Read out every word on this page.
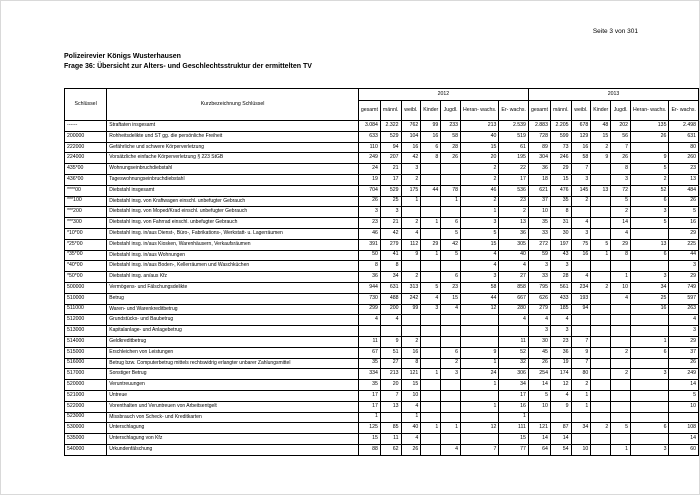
Seite 3 von 301
Polizeirevier Königs Wusterhausen
Frage 36: Übersicht zur Alters- und Geschlechtsstruktur der ermittelten TV
Schlüssel	Kurzbezeichnung Schlüssel	2012							2013						
		gesamt	männl.	weibl.	Kinder	Jugdl.	Heran- wachs.	Er- wachs.	gesamt	männl.	weibl.	Kinder	Jugdl.	Heran- wachs.	Er- wachs.
------	Straftaten insgesamt	3.084	2.322	762	99	233	213	2.539	2.883	2.205	678	48	202	135	2.498
200000	Rohheitsdelikte und ST gg. die persönliche Freiheit	633	529	104	16	58	40	519	728	599	129	15	56	26	631
222000	Gefährliche und schwere Körperverletzung	110	94	16	6	28	15	61	89	73	16	2	7		80
224000	Vorsätzliche einfache Körperverletzung § 223 StGB	249	207	42	8	26	20	195	304	246	58	9	26	9	260
435*00	Wohnungseinbruchdiebstahl	24	21	3			2	22	36	29	7		8	5	23
436*00	Tageswohnungseinbruchdiebstahl	19	17	2			2	17	18	15	3		3	2	13
****00	Diebstahl insgesamt	704	529	175	44	78	46	536	621	476	145	13	72	52	484
***100	Diebstahl insg. von Kraftwagen einschl. unbefugter Gebrauch	26	25	1		1	2	23	37	35	2		5	6	26
***200	Diebstahl insg. von Moped/Krad einschl. unbefugter Gebrauch	3	3				1	2	10	8			2	3	5
***300	Diebstahl insg. von Fahrrad einschl. unbefugter Gebrauch	23	21	2	1	6	3	13	35	31	4		14	5	16
*10*00	Diebstahl insg. in/aus Dienst-, Büro-, Fabrikations-, Werkstatt- u. Lagerräumen	46	42	4		5	5	36	33	30	3		4		29
*25*00	Diebstahl insg. in/aus Kiosken, Warenhäusern, Verkaufsräumen	391	279	112	29	42	15	305	272	197	75	5	29	13	225
*35*00	Diebstahl insg. in/aus Wohnungen	50	41	9	1	5	4	40	59	43	16	1	8	6	44
*40*00	Diebstahl insg. in/aus Boden-, Kellerräumen und Waschküchen	8	8				4	4	3	3					3
*50*00	Diebstahl insg. an/aus Kfz	36	34	2		6	3	27	33	28	4		1	3	29
500000	Vermögens- und Fälschungsdelikte	944	631	313	5	23	58	858	795	561	234	2	10	34	749
510000	Betrug	730	488	242	4	15	44	667	626	433	193		4	25	597
511000	Waren- und Warenkreditbetrug	299	200	99	3	4	12	280	279	185	94			16	263
512000	Grundstücks- und Baubetrug	4	4					4	4	4					4
513000	Kapitalanlage- und Anlagebetrug								3	3					3
514000	Geldkreditbetrug	11	9	2				11	30	23	7			1	29
515000	Erschleichen von Leistungen	67	51	16		6	9	52	45	36	9		2	6	37
516000	Betrug bzw. Computerbetrug mittels rechtswidrig erlangter unbarer Zahlungsmittel	35	27	8		2	1	32	26	19	7				26
517000	Sonstiger Betrug	334	213	121	1	3	24	306	254	174	80		2	3	249
520000	Veruntreuungen	35	20	15			1	34	14	12	2				14
521000	Untreue	17	7	10				17	5	4	1				5
522000	Vorenthalten und Veruntreuen von Arbeitsentgelt	17	13	4			1	16	10	9	1				10
523000	Missbrauch von Scheck- und Kreditkarten	1		1				1							
530000	Unterschlagung	125	85	40	1	1	12	111	121	87	34	2	5	6	108
535000	Unterschlagung von Kfz	15	11	4				15	14	14					14
540000	Urkundenfälschung	88	62	26		4	7	77	64	54	10		1	3	60
